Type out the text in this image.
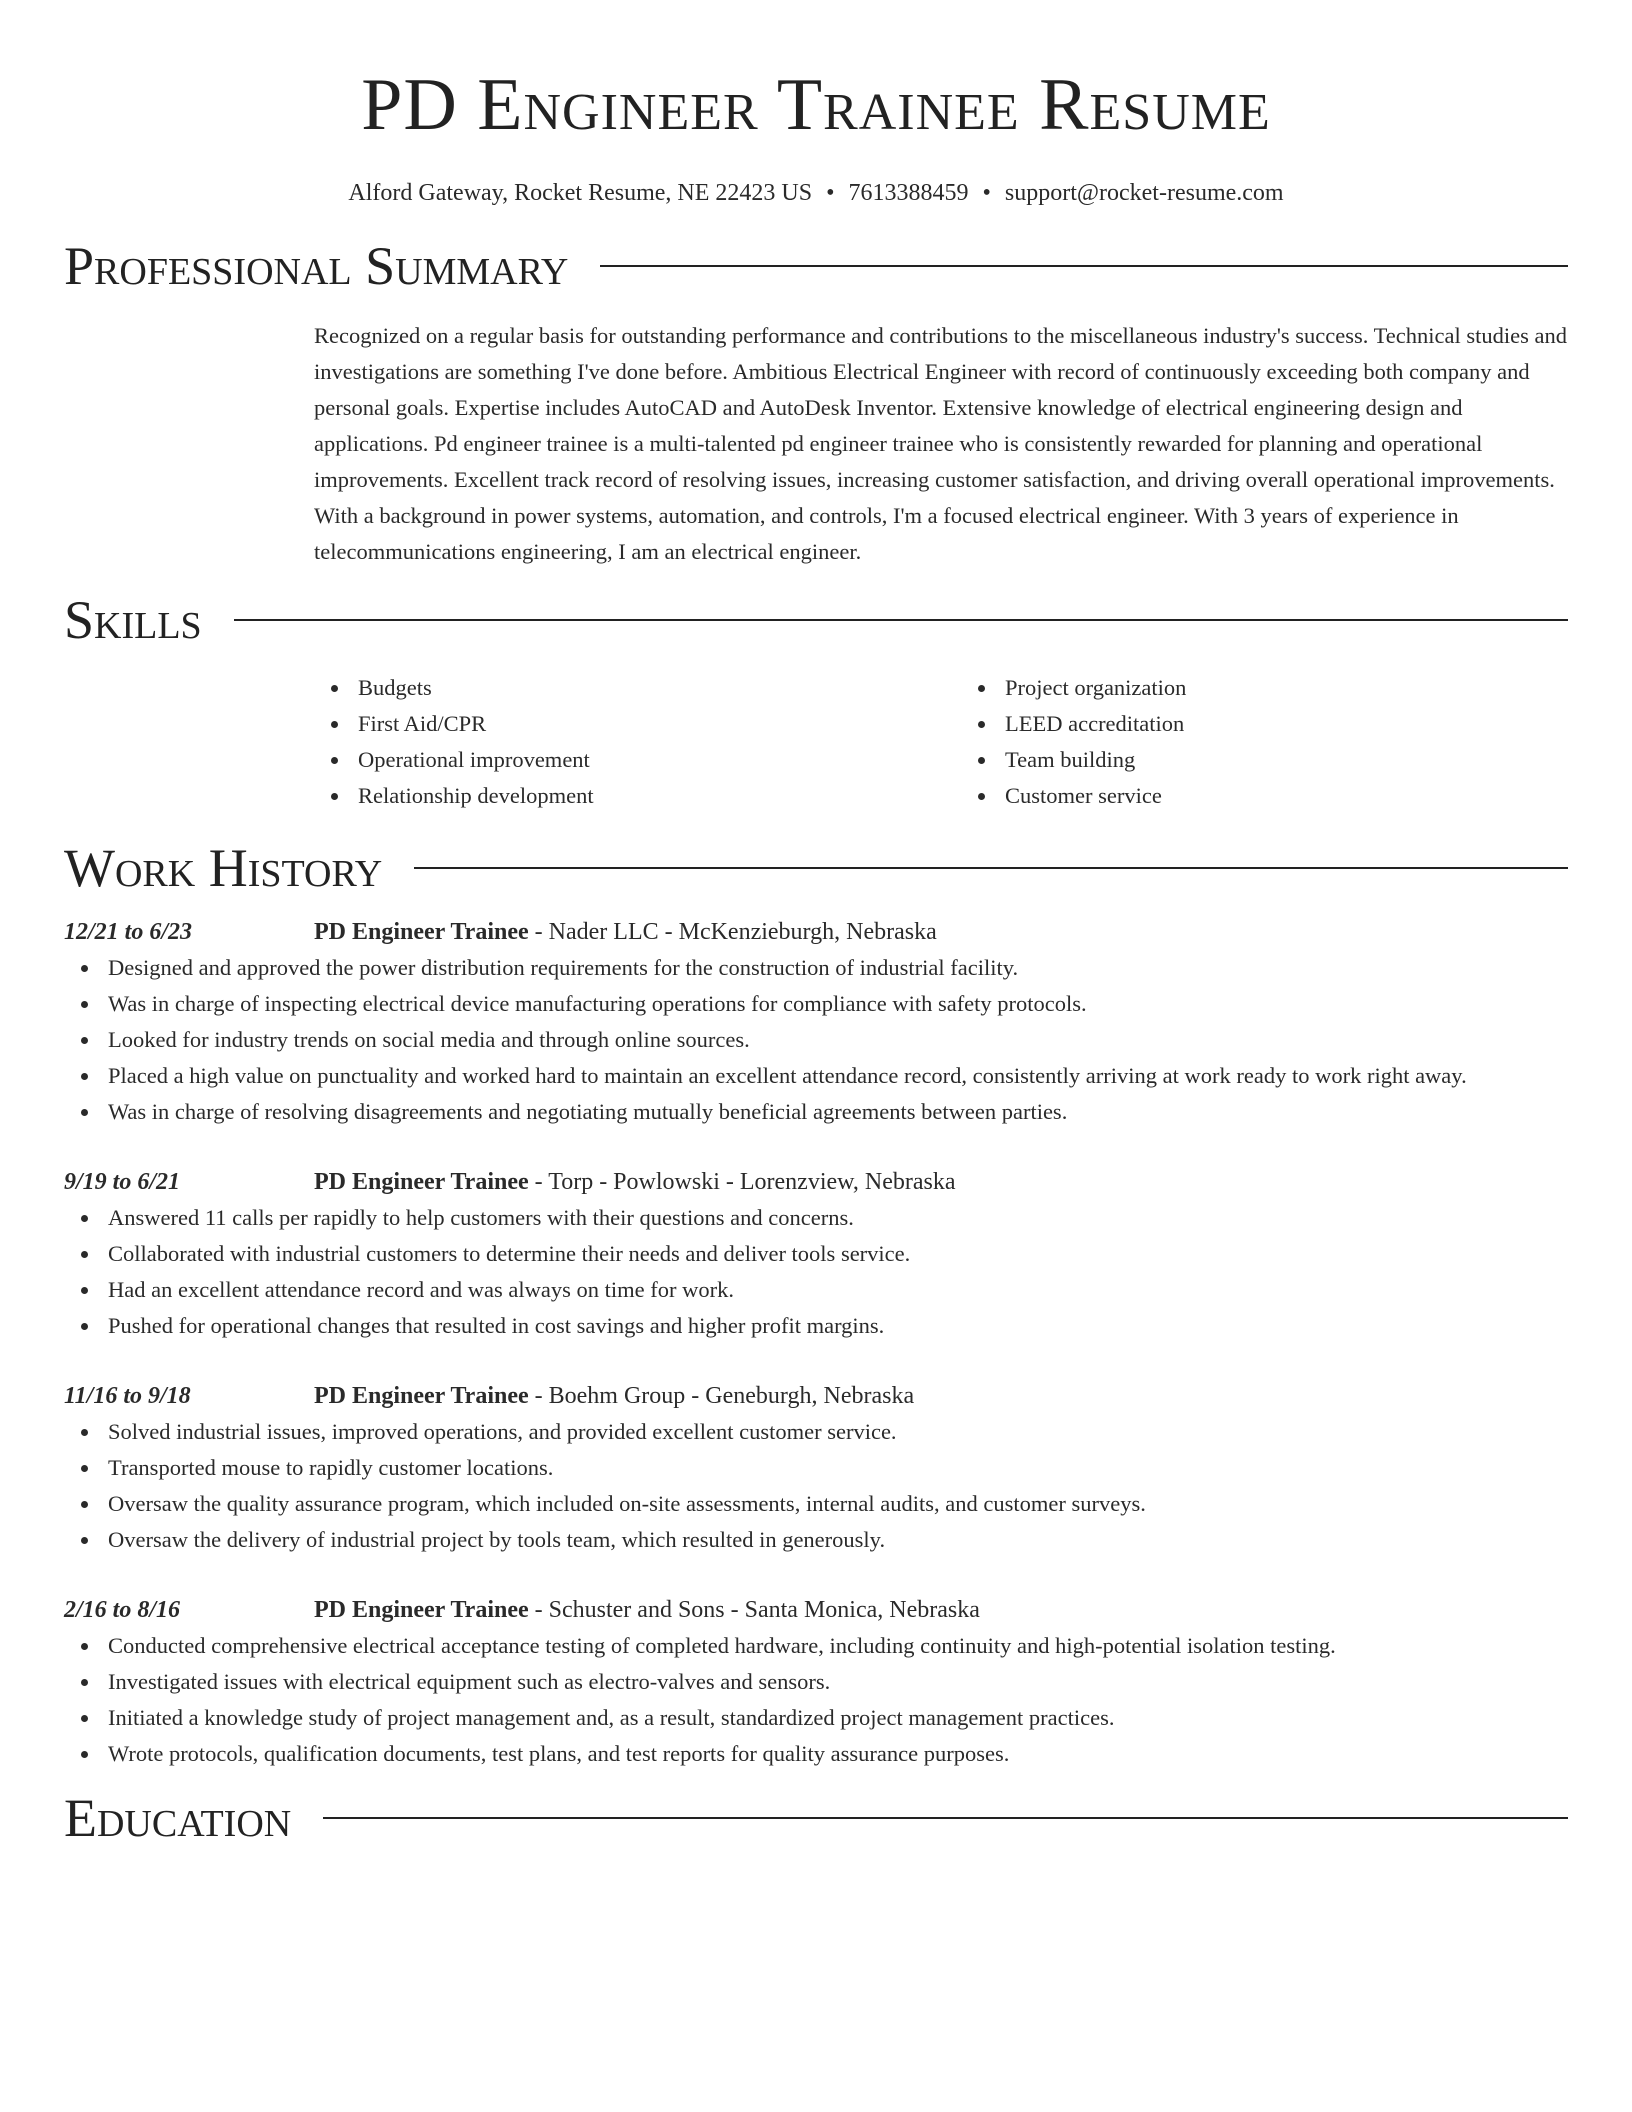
PD Engineer Trainee Resume
Alford Gateway, Rocket Resume, NE 22423 US • 7613388459 • support@rocket-resume.com
Professional Summary

Recognized on a regular basis for outstanding performance and contributions to the miscellaneous industry's success. Technical studies and investigations are something I've done before. Ambitious Electrical Engineer with record of continuously exceeding both company and personal goals. Expertise includes AutoCAD and AutoDesk Inventor. Extensive knowledge of electrical engineering design and applications. Pd engineer trainee is a multi-talented pd engineer trainee who is consistently rewarded for planning and operational improvements. Excellent track record of resolving issues, increasing customer satisfaction, and driving overall operational improvements. With a background in power systems, automation, and controls, I'm a focused electrical engineer. With 3 years of experience in telecommunications engineering, I am an electrical engineer.

Skills
Budgets
First Aid/CPR
Operational improvement
Relationship development
Project organization
LEED accreditation
Team building
Customer service
Work History
12/21 to 6/23	PD Engineer Trainee - Nader LLC - McKenzieburgh, Nebraska
Designed and approved the power distribution requirements for the construction of industrial facility.
Was in charge of inspecting electrical device manufacturing operations for compliance with safety protocols.
Looked for industry trends on social media and through online sources.
Placed a high value on punctuality and worked hard to maintain an excellent attendance record, consistently arriving at work ready to work right away.
Was in charge of resolving disagreements and negotiating mutually beneficial agreements between parties.
9/19 to 6/21	PD Engineer Trainee - Torp - Powlowski - Lorenzview, Nebraska
Answered 11 calls per rapidly to help customers with their questions and concerns.
Collaborated with industrial customers to determine their needs and deliver tools service.
Had an excellent attendance record and was always on time for work.
Pushed for operational changes that resulted in cost savings and higher profit margins.
11/16 to 9/18	PD Engineer Trainee - Boehm Group - Geneburgh, Nebraska
Solved industrial issues, improved operations, and provided excellent customer service.
Transported mouse to rapidly customer locations.
Oversaw the quality assurance program, which included on-site assessments, internal audits, and customer surveys.
Oversaw the delivery of industrial project by tools team, which resulted in generously.
2/16 to 8/16	PD Engineer Trainee - Schuster and Sons - Santa Monica, Nebraska
Conducted comprehensive electrical acceptance testing of completed hardware, including continuity and high-potential isolation testing.
Investigated issues with electrical equipment such as electro-valves and sensors.
Initiated a knowledge study of project management and, as a result, standardized project management practices.
Wrote protocols, qualification documents, test plans, and test reports for quality assurance purposes.
Education
